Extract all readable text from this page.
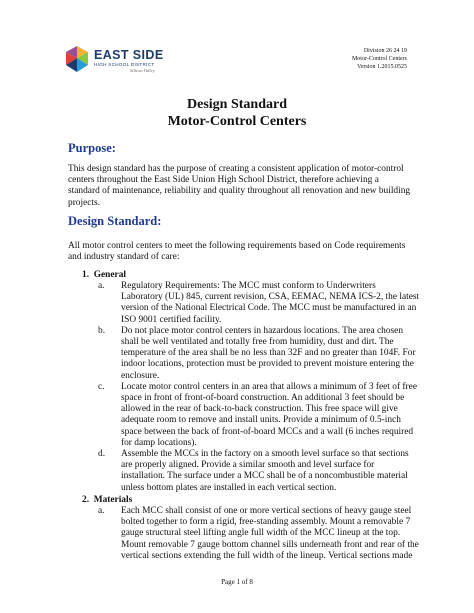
EAST SIDE
HIGH SCHOOL DISTRICT
Silicon Valley
Division 26 24 19
Motor-Control Centers
Version 1.2015.0525
Design Standard
Motor-Control Centers
Purpose:
This design standard has the purpose of creating a consistent application of motor-control
centers throughout the East Side Union High School District, therefore achieving a
standard of maintenance, reliability and quality throughout all renovation and new building
projects.
Design Standard:
All motor control centers to meet the following requirements based on Code requirements
and industry standard of care:
1. General
a. Regulatory Requirements: The MCC must conform to Underwriters
Laboratory (UL) 845, current revision, CSA, EEMAC, NEMA ICS-2, the latest
version of the National Electrical Code. The MCC must be manufactured in an
ISO 9001 certified facility.
b. Do not place motor control centers in hazardous locations. The area chosen
shall be well ventilated and totally free from humidity, dust and dirt. The
temperature of the area shall be no less than 32F and no greater than 104F. For
indoor locations, protection must be provided to prevent moisture entering the
enclosure.
c. Locate motor control centers in an area that allows a minimum of 3 feet of free
space in front of front-of-board construction. An additional 3 feet should be
allowed in the rear of back-to-back construction. This free space will give
adequate room to remove and install units. Provide a minimum of 0.5-inch
space between the back of front-of-board MCCs and a wall (6 inches required
for damp locations).
d. Assemble the MCCs in the factory on a smooth level surface so that sections
are properly aligned. Provide a similar smooth and level surface for
installation. The surface under a MCC shall be of a noncombustible material
unless bottom plates are installed in each vertical section.
2. Materials
a. Each MCC shall consist of one or more vertical sections of heavy gauge steel
bolted together to form a rigid, free-standing assembly. Mount a removable 7
gauge structural steel lifting angle full width of the MCC lineup at the top.
Mount removable 7 gauge bottom channel sills underneath front and rear of the
vertical sections extending the full width of the lineup. Vertical sections made
Page 1 of 8
